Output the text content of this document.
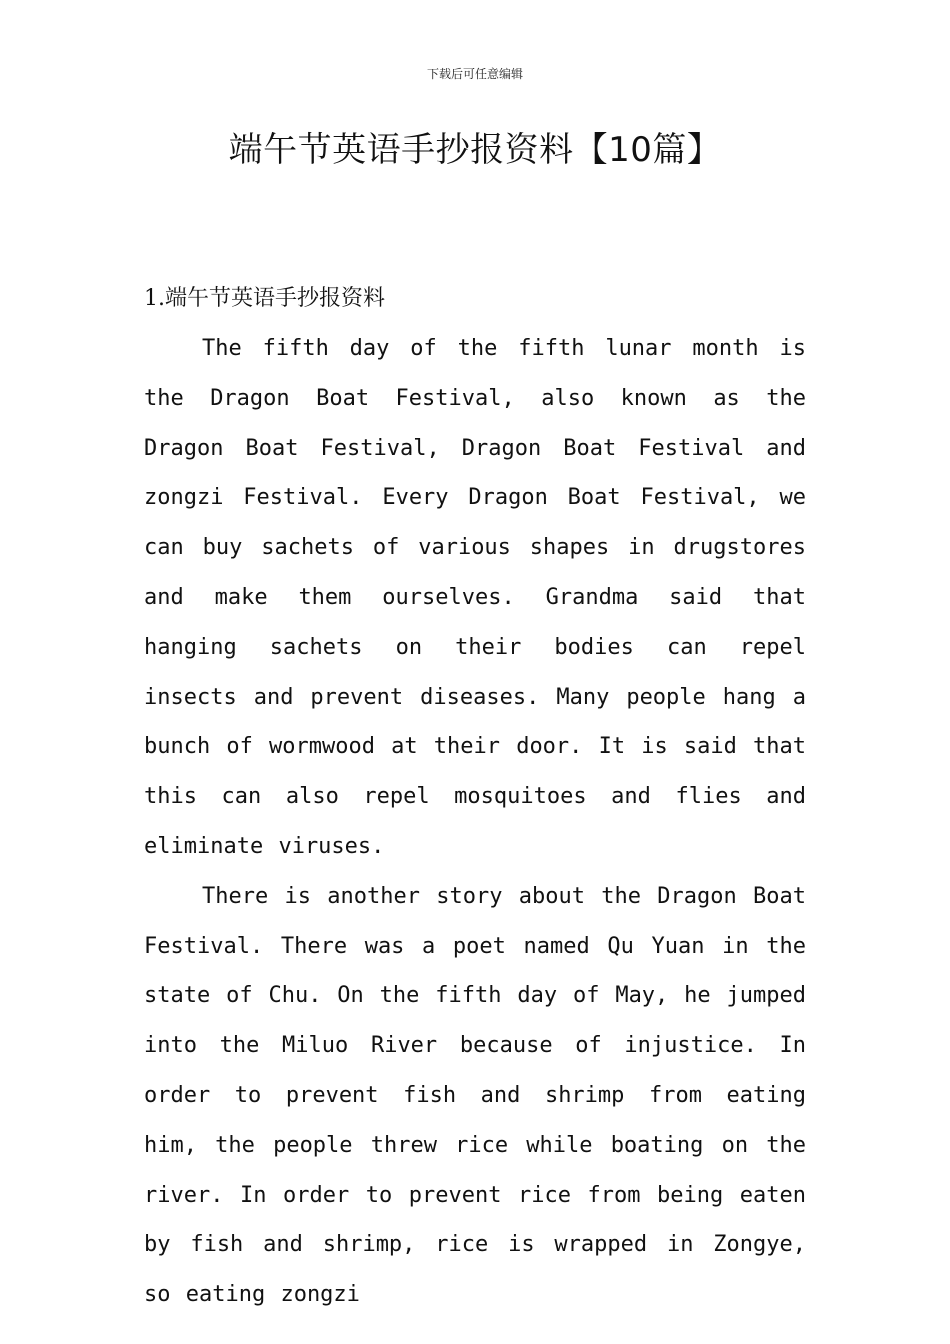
下载后可任意编辑
端午节英语手抄报资料【10篇】
1.端午节英语手抄报资料

The fifth day of the fifth lunar month is the Dragon Boat Festival, also known as the Dragon Boat Festival, Dragon Boat Festival and zongzi Festival. Every Dragon Boat Festival, we can buy sachets of various shapes in drugstores and make them ourselves. Grandma said that hanging sachets on their bodies can repel insects and prevent diseases. Many people hang a bunch of wormwood at their door. It is said that this can also repel mosquitoes and flies and eliminate viruses.

There is another story about the Dragon Boat Festival. There was a poet named Qu Yuan in the state of Chu. On the fifth day of May, he jumped into the Miluo River because of injustice. In order to prevent fish and shrimp from eating him, the people threw rice while boating on the river. In order to prevent rice from being eaten by fish and shrimp, rice is wrapped in Zongye, so eating zongzi
